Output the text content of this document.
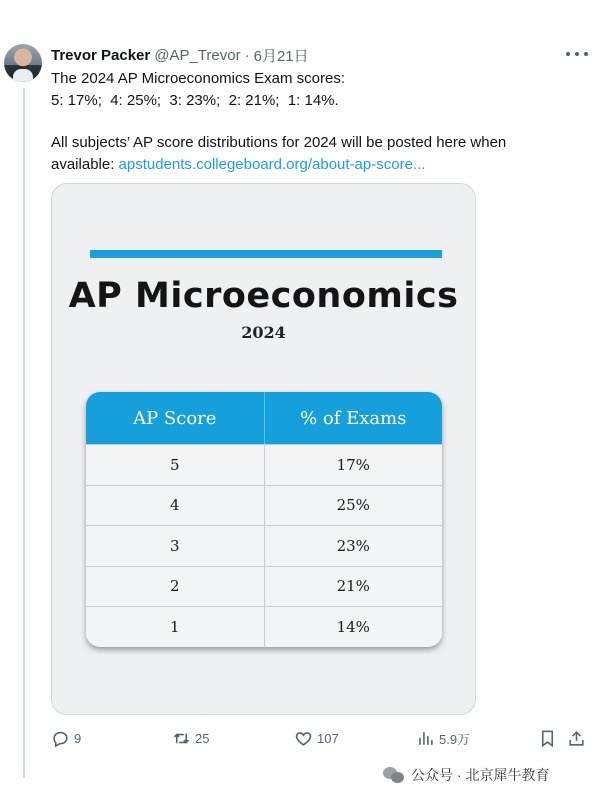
Trevor Packer @AP_Trevor · 6月21日
The 2024 AP Microeconomics Exam scores:
5: 17%;  4: 25%;  3: 23%;  2: 21%;  1: 14%.
All subjects’ AP score distributions for 2024 will be posted here when
available: apstudents.collegeboard.org/about-ap-score...
AP Microeconomics
2024
AP Score	% of Exams
5	17%
4	25%
3	23%
2	21%
1	14%
9	25	107	5.9万
公众号 · 北京犀牛教育
